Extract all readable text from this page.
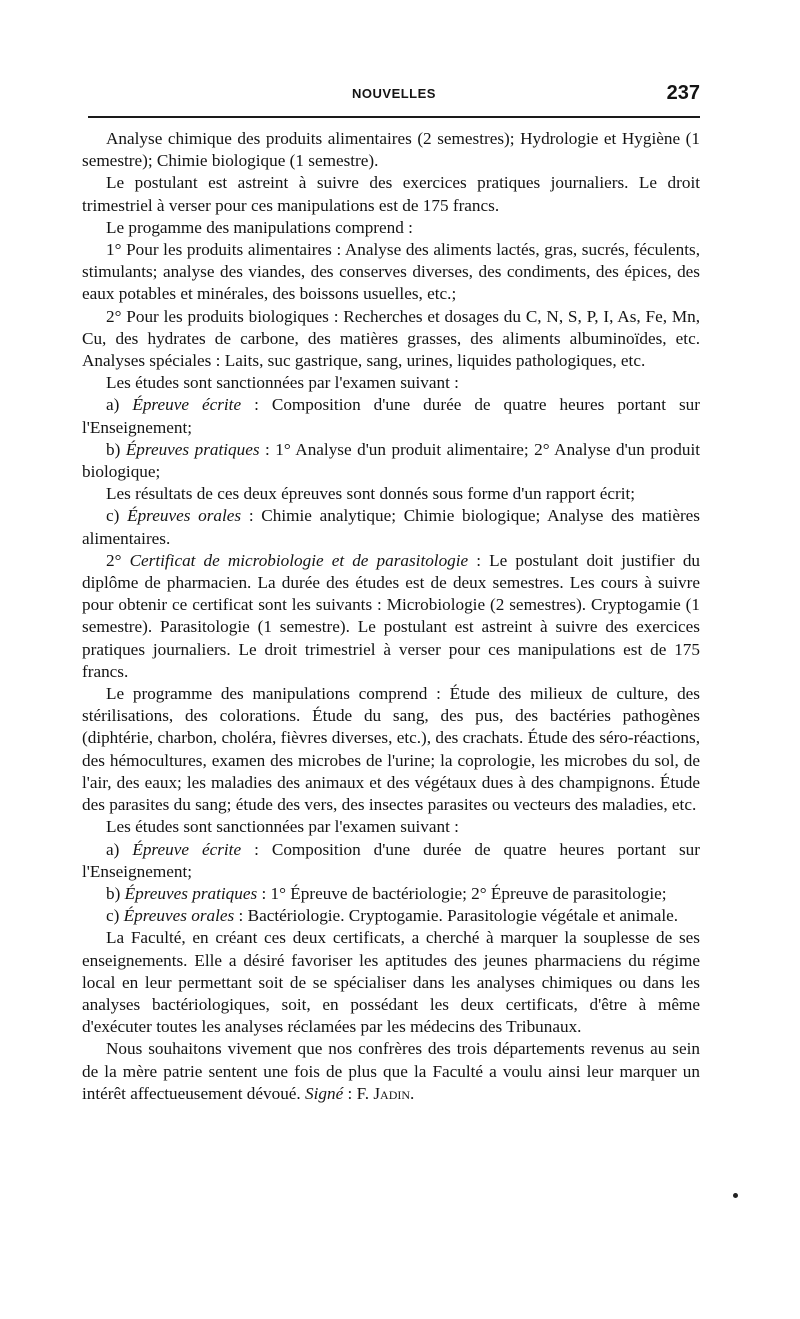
NOUVELLES	237

Analyse chimique des produits alimentaires (2 semestres); Hydrologie et Hygiène (1 semestre); Chimie biologique (1 semestre).

Le postulant est astreint à suivre des exercices pratiques journaliers. Le droit trimestriel à verser pour ces manipulations est de 175 francs.

Le progamme des manipulations comprend :

1° Pour les produits alimentaires : Analyse des aliments lactés, gras, sucrés, féculents, stimulants; analyse des viandes, des conserves diverses, des condiments, des épices, des eaux potables et minérales, des boissons usuelles, etc.;

2° Pour les produits biologiques : Recherches et dosages du C, N, S, P, I, As, Fe, Mn, Cu, des hydrates de carbone, des matières grasses, des aliments albuminoïdes, etc. Analyses spéciales : Laits, suc gastrique, sang, urines, liquides pathologiques, etc.

Les études sont sanctionnées par l'examen suivant :

a) Épreuve écrite : Composition d'une durée de quatre heures portant sur l'Enseignement;

b) Épreuves pratiques : 1° Analyse d'un produit alimentaire; 2° Analyse d'un produit biologique;

Les résultats de ces deux épreuves sont donnés sous forme d'un rapport écrit;

c) Épreuves orales : Chimie analytique; Chimie biologique; Analyse des matières alimentaires.

2° Certificat de microbiologie et de parasitologie : Le postulant doit justifier du diplôme de pharmacien. La durée des études est de deux semestres. Les cours à suivre pour obtenir ce certificat sont les suivants : Microbiologie (2 semestres). Cryptogamie (1 semestre). Parasitologie (1 semestre). Le postulant est astreint à suivre des exercices pratiques journaliers. Le droit trimestriel à verser pour ces manipulations est de 175 francs.

Le programme des manipulations comprend : Étude des milieux de culture, des stérilisations, des colorations. Étude du sang, des pus, des bactéries pathogènes (diphtérie, charbon, choléra, fièvres diverses, etc.), des crachats. Étude des séro-réactions, des hémocultures, examen des microbes de l'urine; la coprologie, les microbes du sol, de l'air, des eaux; les maladies des animaux et des végétaux dues à des champignons. Étude des parasites du sang; étude des vers, des insectes parasites ou vecteurs des maladies, etc.

Les études sont sanctionnées par l'examen suivant :

a) Épreuve écrite : Composition d'une durée de quatre heures portant sur l'Enseignement;

b) Épreuves pratiques : 1° Épreuve de bactériologie; 2° Épreuve de parasitologie;

c) Épreuves orales : Bactériologie. Cryptogamie. Parasitologie végétale et animale.

La Faculté, en créant ces deux certificats, a cherché à marquer la souplesse de ses enseignements. Elle a désiré favoriser les aptitudes des jeunes pharmaciens du régime local en leur permettant soit de se spécialiser dans les analyses chimiques ou dans les analyses bactériologiques, soit, en possédant les deux certificats, d'être à même d'exécuter toutes les analyses réclamées par les médecins des Tribunaux.

Nous souhaitons vivement que nos confrères des trois départements revenus au sein de la mère patrie sentent une fois de plus que la Faculté a voulu ainsi leur marquer un intérêt affectueusement dévoué. Signé : F. Jadin.
